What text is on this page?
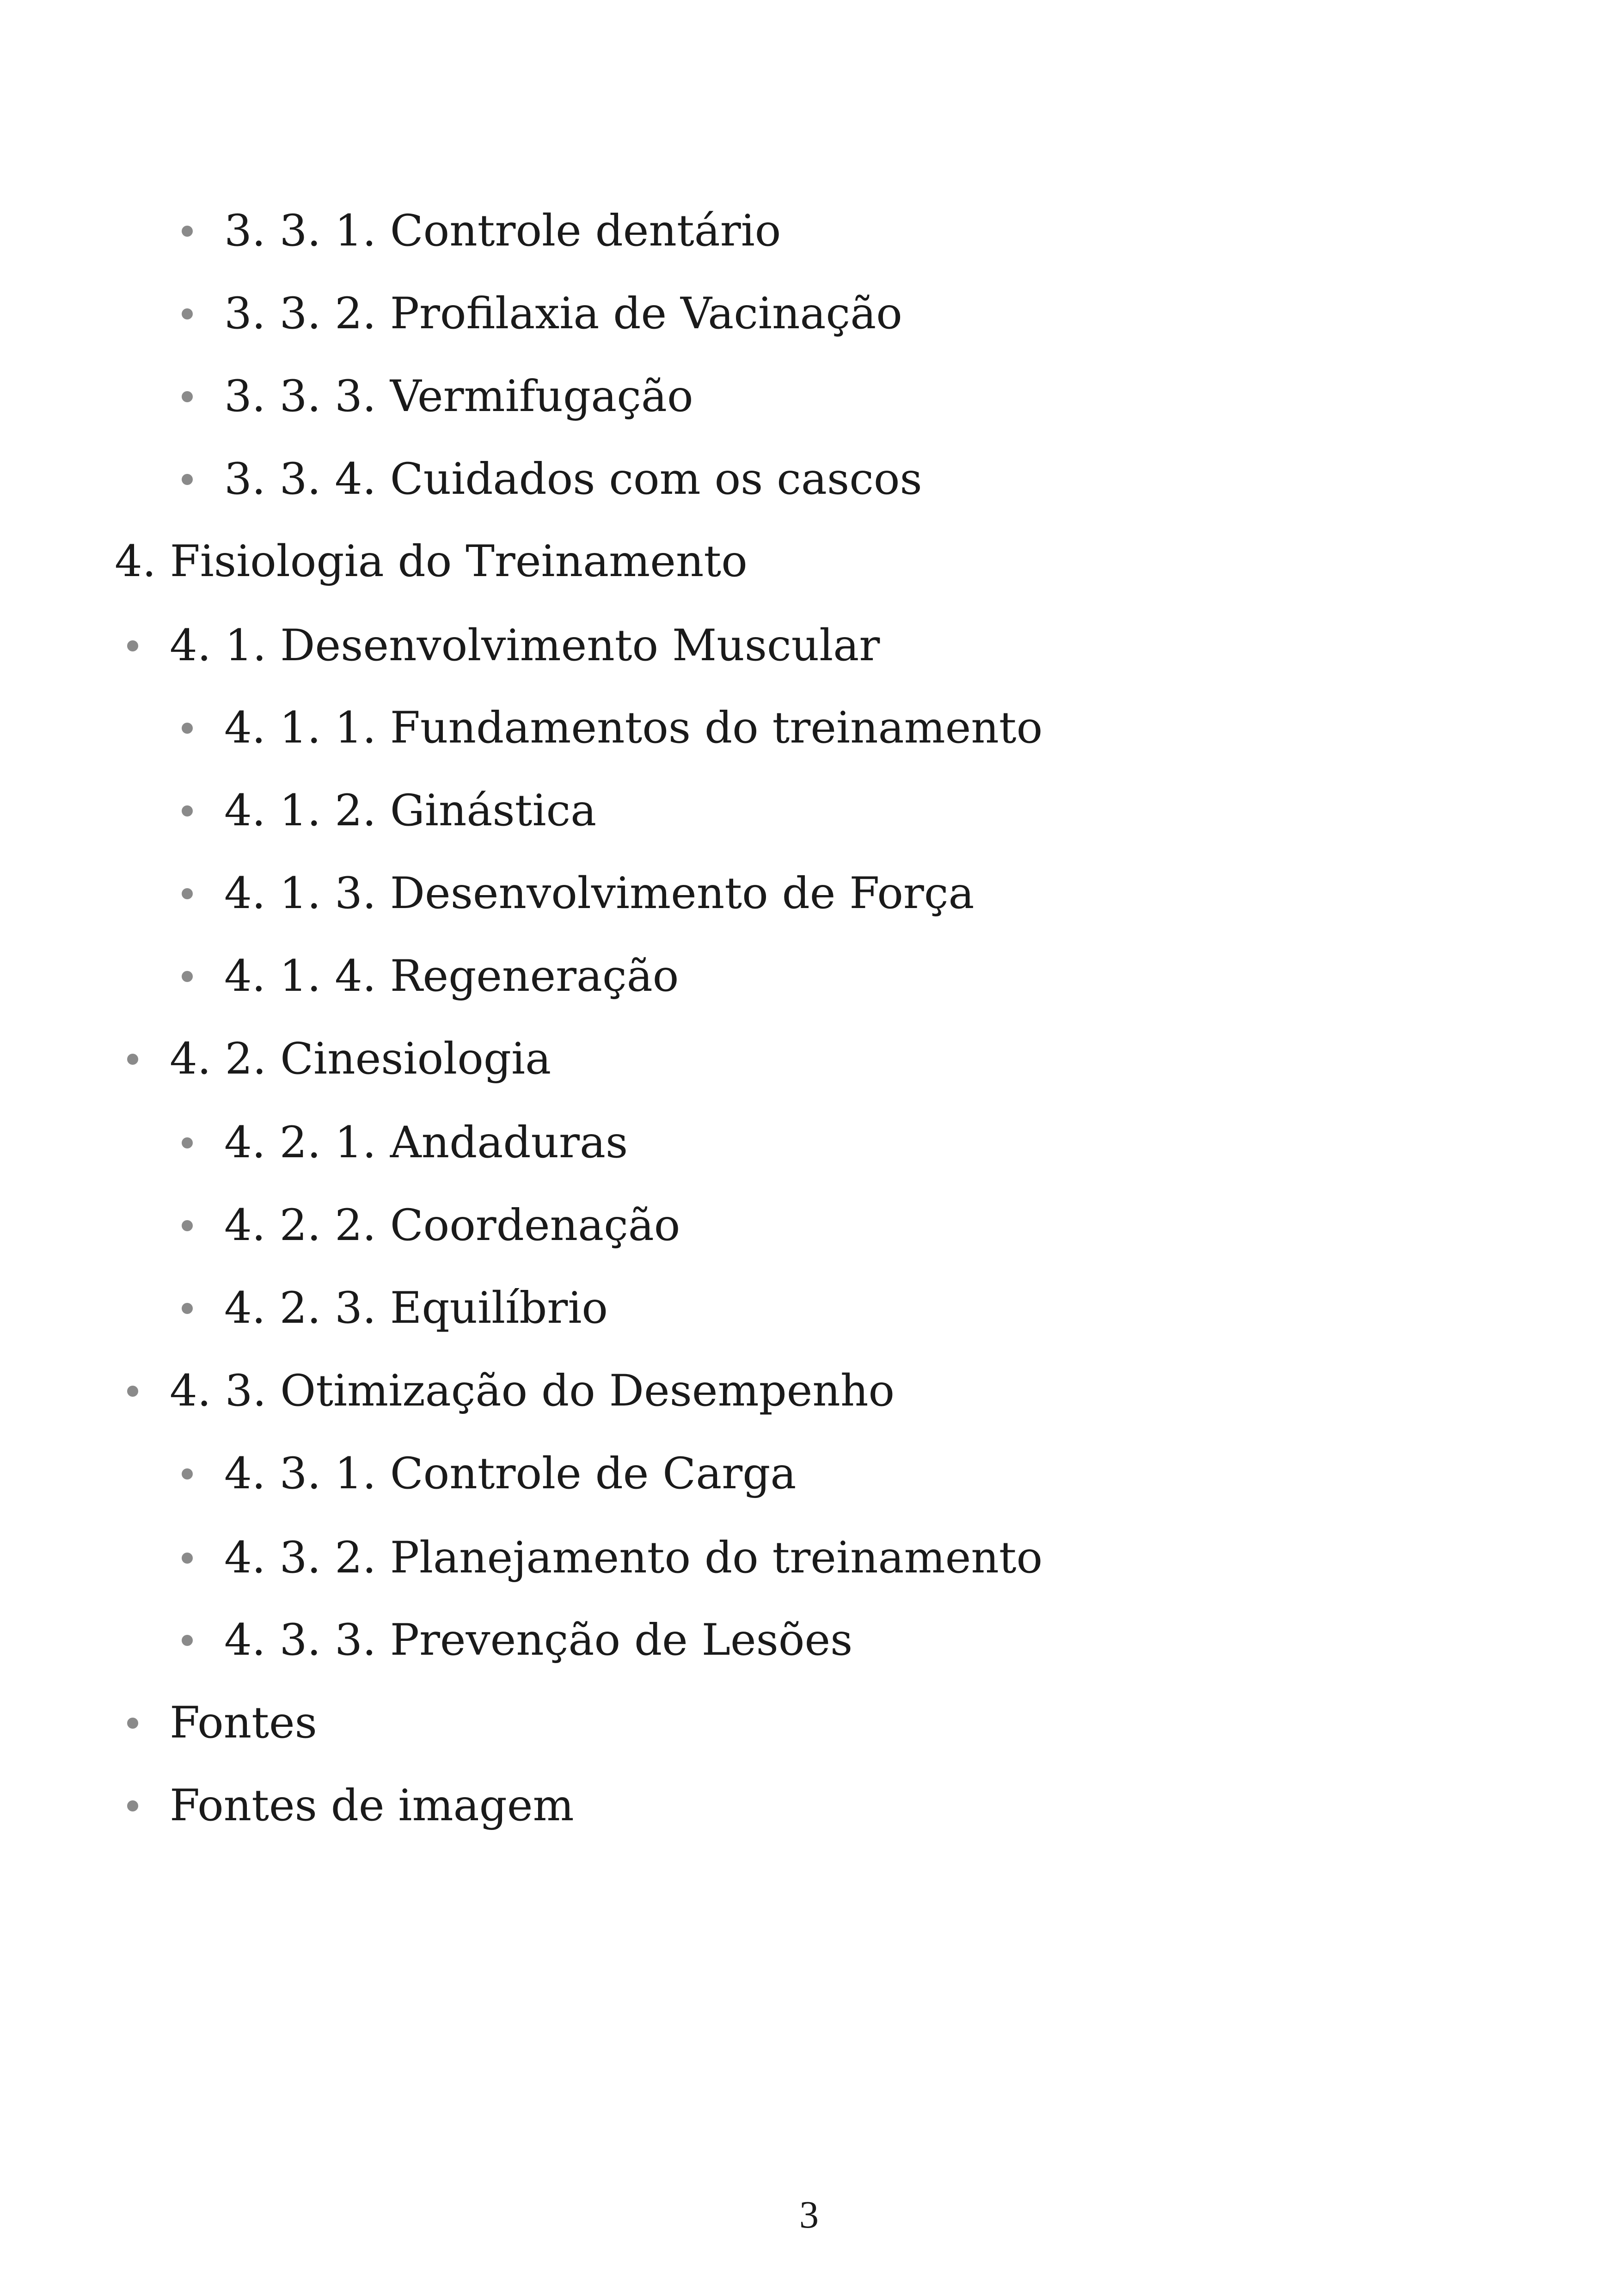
3. 3. 1. Controle dentário
3. 3. 2. Profilaxia de Vacinação
3. 3. 3. Vermifugação
3. 3. 4. Cuidados com os cascos
4. Fisiologia do Treinamento
4. 1. Desenvolvimento Muscular
4. 1. 1. Fundamentos do treinamento
4. 1. 2. Ginástica
4. 1. 3. Desenvolvimento de Força
4. 1. 4. Regeneração
4. 2. Cinesiologia
4. 2. 1. Andaduras
4. 2. 2. Coordenação
4. 2. 3. Equilíbrio
4. 3. Otimização do Desempenho
4. 3. 1. Controle de Carga
4. 3. 2. Planejamento do treinamento
4. 3. 3. Prevenção de Lesões
Fontes
Fontes de imagem
3
